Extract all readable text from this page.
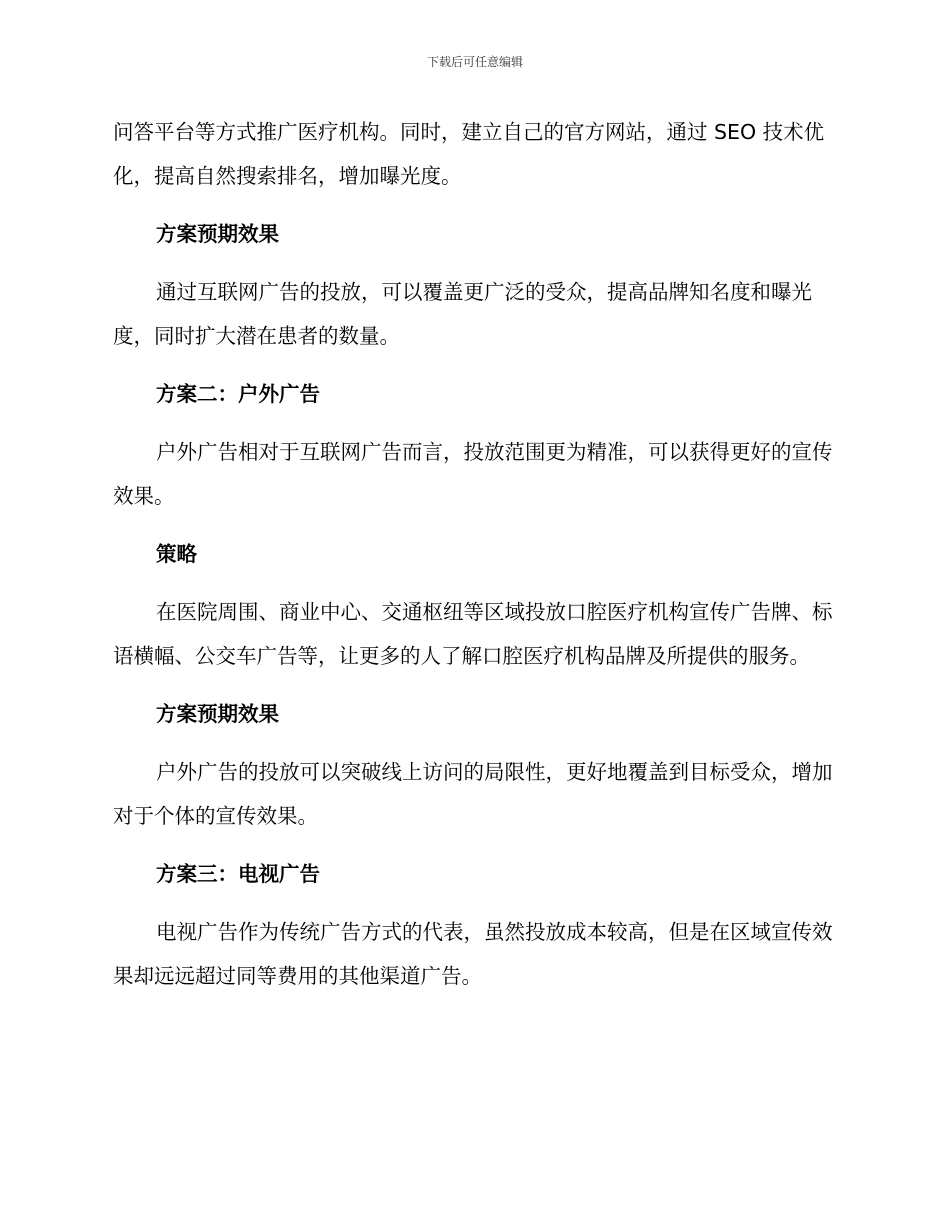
下载后可任意编辑

问答平台等方式推广医疗机构。同时，建立自己的官方网站，通过 SEO 技术优化，提高自然搜索排名，增加曝光度。

方案预期效果

通过互联网广告的投放，可以覆盖更广泛的受众，提高品牌知名度和曝光度，同时扩大潜在患者的数量。

方案二：户外广告

户外广告相对于互联网广告而言，投放范围更为精准，可以获得更好的宣传效果。

策略

在医院周围、商业中心、交通枢纽等区域投放口腔医疗机构宣传广告牌、标语横幅、公交车广告等，让更多的人了解口腔医疗机构品牌及所提供的服务。

方案预期效果

户外广告的投放可以突破线上访问的局限性，更好地覆盖到目标受众，增加对于个体的宣传效果。

方案三：电视广告

电视广告作为传统广告方式的代表，虽然投放成本较高，但是在区域宣传效果却远远超过同等费用的其他渠道广告。
